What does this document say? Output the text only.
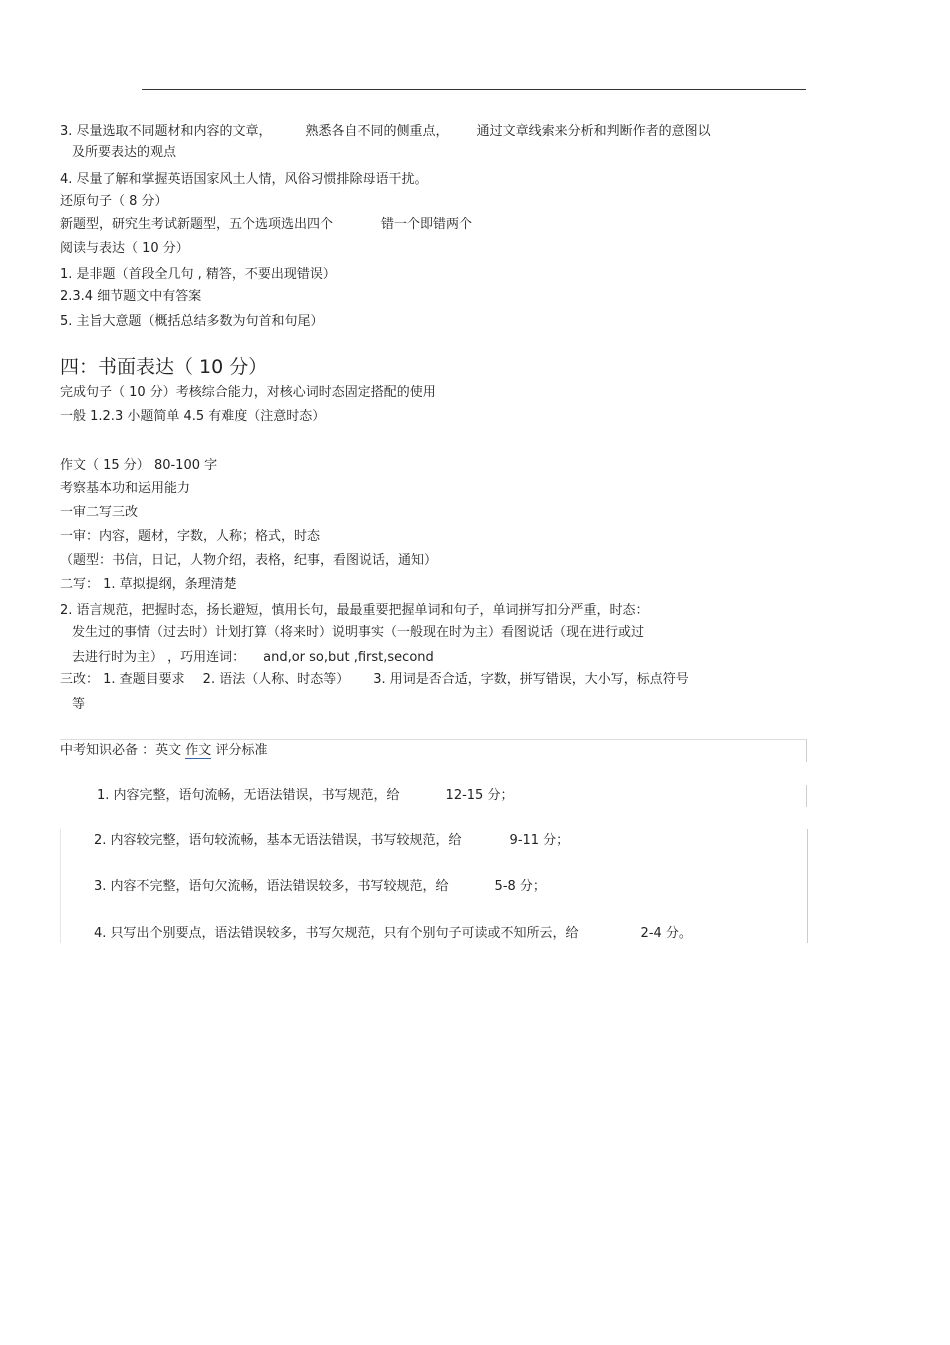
3. 尽量选取不同题材和内容的文章，	熟悉各自不同的侧重点， 通过文章线索来分析和判断作者的意图以
及所要表达的观点
4. 尽量了解和掌握英语国家风土人情，风俗习惯排除母语干扰。
还原句子（ 8 分）
新题型，研究生考试新题型，五个选项选出四个	错一个即错两个
阅读与表达（ 10 分）
1. 是非题（首段全几句 , 精答，不要出现错误）
2.3.4 细节题文中有答案
5. 主旨大意题（概括总结多数为句首和句尾）
四：书面表达（ 10 分）
完成句子（ 10 分）考核综合能力，对核心词时态固定搭配的使用
一般 1.2.3 小题简单 4.5 有难度（注意时态）
作文（ 15 分） 80-100 字
考察基本功和运用能力
一审二写三改
一审：内容，题材，字数，人称；格式，时态
（题型：书信，日记，人物介绍，表格，纪事，看图说话，通知）
二写： 1. 草拟提纲，条理清楚
2. 语言规范，把握时态，扬长避短，慎用长句，最最重要把握单词和句子，单词拼写扣分严重，时态：
发生过的事情（过去时）计划打算（将来时）说明事实（一般现在时为主）看图说话（现在进行或过
去进行时为主） ，巧用连词： and,or so,but ,first,second
三改： 1. 查题目要求 2. 语法（人称、时态等） 3. 用词是否合适，字数，拼写错误，大小写，标点符号
等
中考知识必备 ：英文 作文 评分标准
1. 内容完整，语句流畅，无语法错误，书写规范，给	12-15 分；
2. 内容较完整，语句较流畅，基本无语法错误，书写较规范，给	9-11 分；
3. 内容不完整，语句欠流畅，语法错误较多，书写较规范，给	5-8 分；
4. 只写出个别要点，语法错误较多，书写欠规范，只有个别句子可读或不知所云，给	2-4 分。
